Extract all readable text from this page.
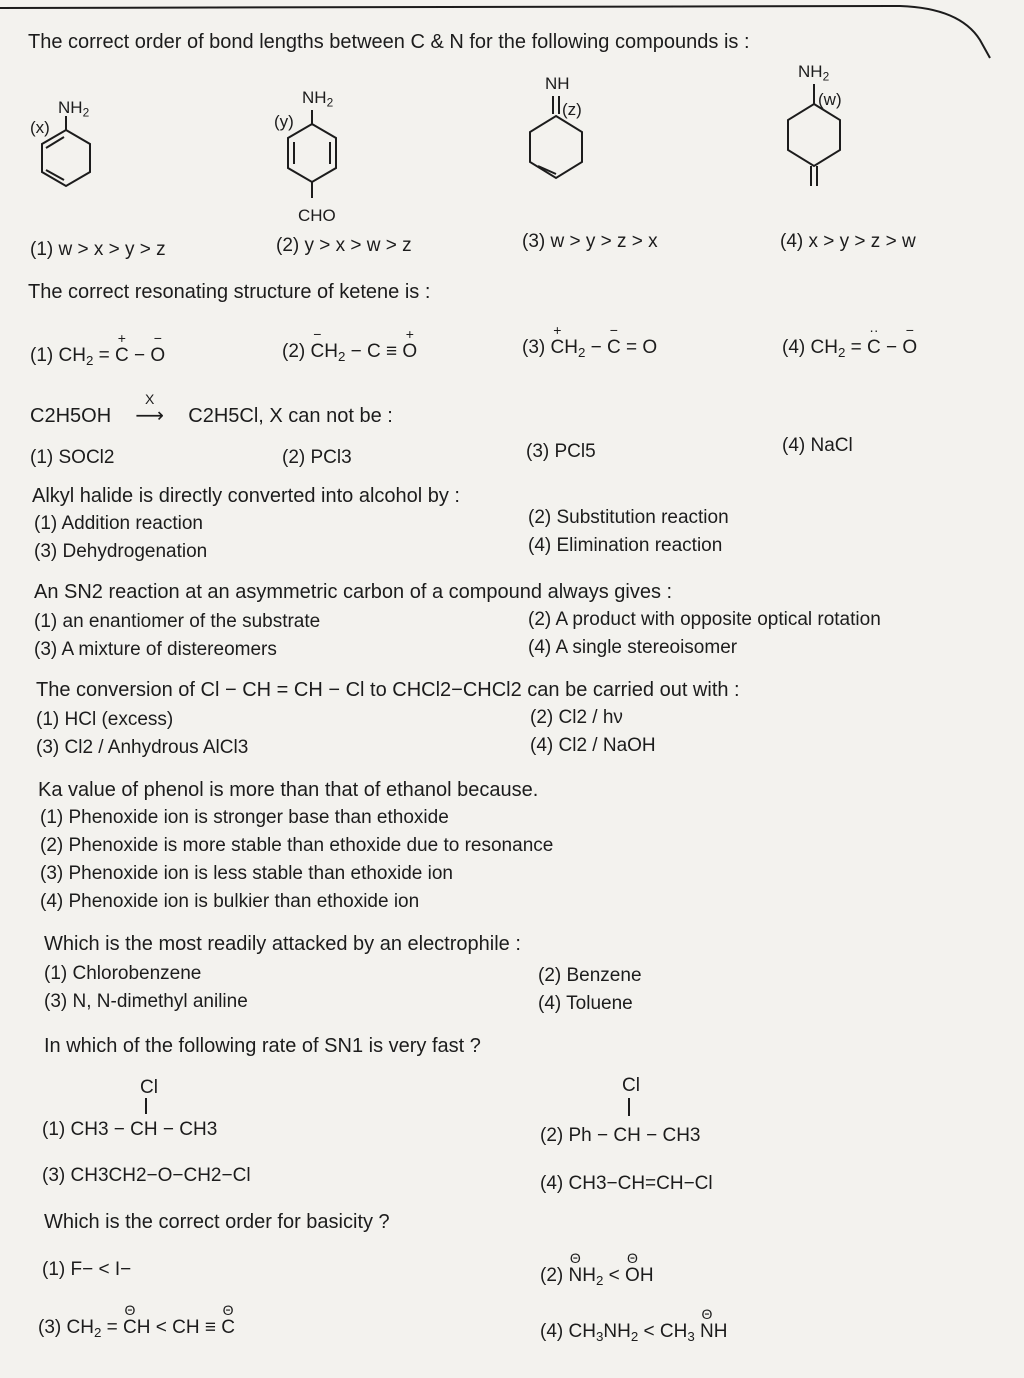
The correct order of bond lengths between C & N for the following compounds is :
(x)
$NH_2$	(y)
$NH_2$
CHO
NH
(z)
$NH_2$
(w)
(1) w > x > y > z	(2) y > x > w > z	(3) w > y > z > x	(4) x > y > z > w
The correct resonating structure of ketene is :
(1) $CH_2 = C$
+
− O
−
(2) C
−
$H_2 - C \equiv O$
+
(3) C
+
$H_2 - C$
−
= O	(4) $CH_2 = C$
··
− O
−
C2H5OH
X
⟶ C2H5Cl, X can not be :
(1) SOCl2	(2) PCl3	(3) PCl5	(4) NaCl
Alkyl halide is directly converted into alcohol by :
(1) Addition reaction	(2) Substitution reaction
(3) Dehydrogenation	(4) Elimination reaction
An SN2 reaction at an asymmetric carbon of a compound always gives :
(1) an enantiomer of the substrate	(2) A product with opposite optical rotation
(3) A mixture of distereomers	(4) A single stereoisomer
The conversion of Cl − CH = CH − Cl to CHCl2−CHCl2 can be carried out with :
(1) HCl (excess)	(2) Cl2 / hν
(3) Cl2 / Anhydrous AlCl3	(4) Cl2 / NaOH
Ka value of phenol is more than that of ethanol because.
(1) Phenoxide ion is stronger base than ethoxide
(2) Phenoxide is more stable than ethoxide due to resonance
(3) Phenoxide ion is less stable than ethoxide ion
(4) Phenoxide ion is bulkier than ethoxide ion
Which is the most readily attacked by an electrophile :
(1) Chlorobenzene	(2) Benzene
(3) N, N-dimethyl aniline	(4) Toluene
In which of the following rate of SN1 is very fast ?
Cl
(1) CH3 − CH − CH3
Cl
(2) Ph − CH − CH3
(3) CH3CH2−O−CH2−Cl	(4) CH3−CH=CH−Cl
Which is the correct order for basicity ?
(1) F− < I−	(2) N
Θ
$H_2 < O$
Θ
H
(3) $CH_2 = C$
Θ
H < CH ≡ C
Θ
(4) $CH_3NH_2 < CH_3$ N
Θ
H
